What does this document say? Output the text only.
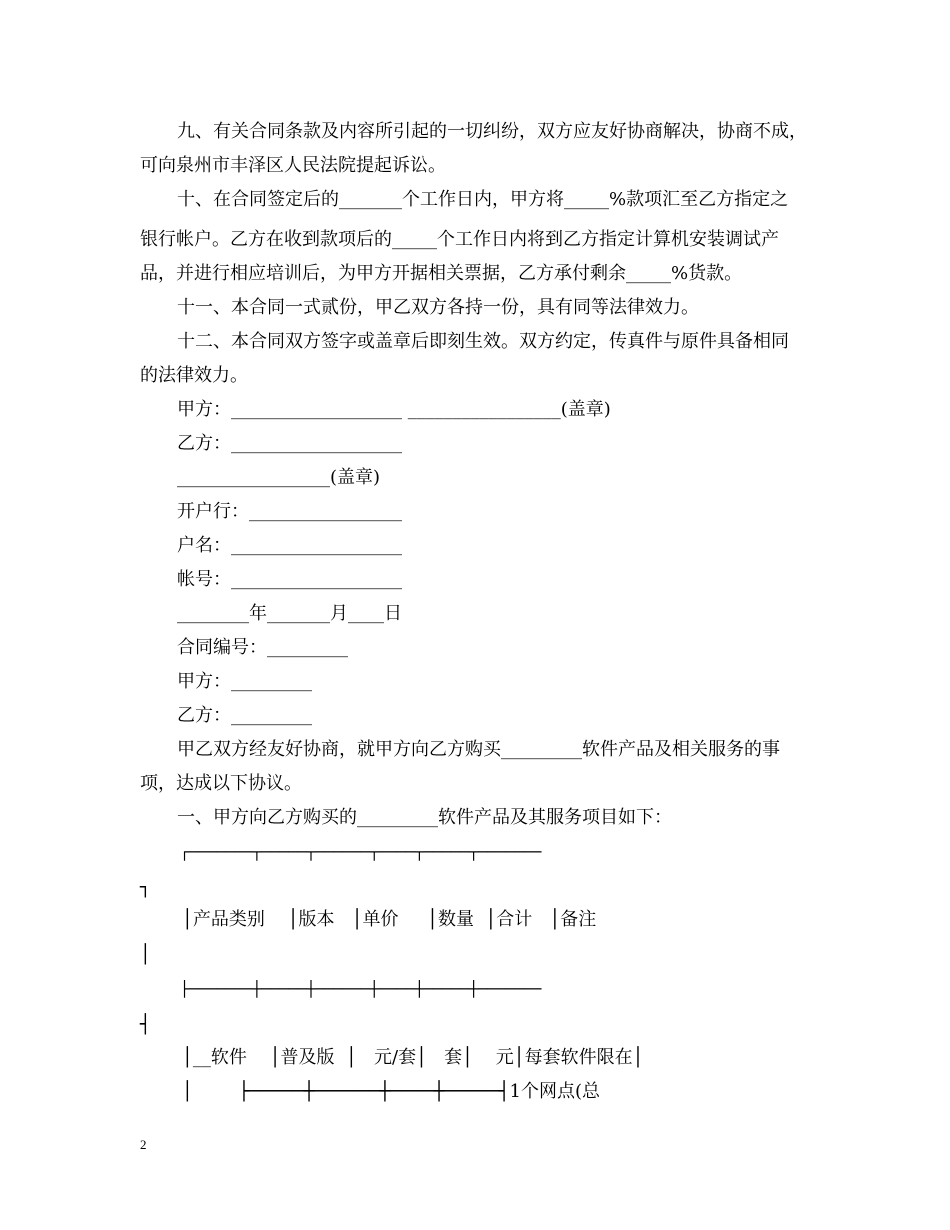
九、有关合同条款及内容所引起的一切纠纷，双方应友好协商解决，协商不成，
可向泉州市丰泽区人民法院提起诉讼。
十、在合同签定后的_______个工作日内，甲方将_____%款项汇至乙方指定之
银行帐户。乙方在收到款项后的_____个工作日内将到乙方指定计算机安装调试产
品，并进行相应培训后，为甲方开据相关票据，乙方承付剩余_____%货款。
十一、本合同一式贰份，甲乙双方各持一份，具有同等法律效力。
十二、本合同双方签字或盖章后即刻生效。双方约定，传真件与原件具备相同
的法律效力。
甲方：___________________ _________________(盖章)
乙方：___________________
_________________(盖章)
开户行：_________________
户名：___________________
帐号：___________________
________年_______月____日
合同编号：_________
甲方：_________
乙方：_________
甲乙双方经友好协商，就甲方向乙方购买_________软件产品及相关服务的事
项，达成以下协议。
一、甲方向乙方购买的_________软件产品及其服务项目如下：
┌───────┬─────┬──────┬────┬─────┬───────
┐
│产品类别    │版本   │单价     │数量  │合计   │备注
│
├───────┼─────┼──────┼────┼─────┼───────
┤
│__软件    │普及版  │   元/套│   套│    元│每套软件限在│
│        ├─────┼──────┼────┼─────┤1个网点(总
2
